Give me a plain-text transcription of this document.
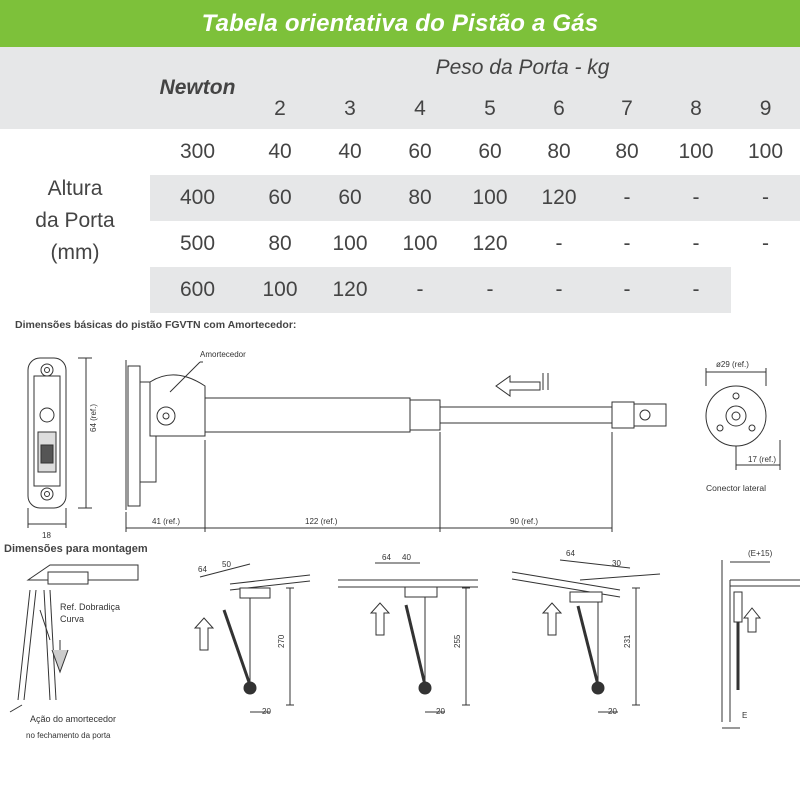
Tabela orientativa do Pistão a Gás
	Newton	Peso da Porta - kg							
		2	3	4	5	6	7	8	9

Altura
da Porta
(mm)	300	40	40	60	60	80	80	100	100
	400	60	60	80	100	120	-	-	-
	500	80	100	100	120	-	-	-	-
	600	100	120	-	-	-	-	-	
Dimensões básicas do pistão FGVTN com Amortecedor:
Dimensões para montagem
Amortecedor
64 (ref.)
18
41 (ref.)	122 (ref.)	90 (ref.)
ø29 (ref.)
17 (ref.)
Conector lateral
Ref. Dobradiça
Curva
Ação do amortecedor
no fechamento da porta
64
50
270
20
64 40
255
20
64
30
231
20
(E+15)
E
